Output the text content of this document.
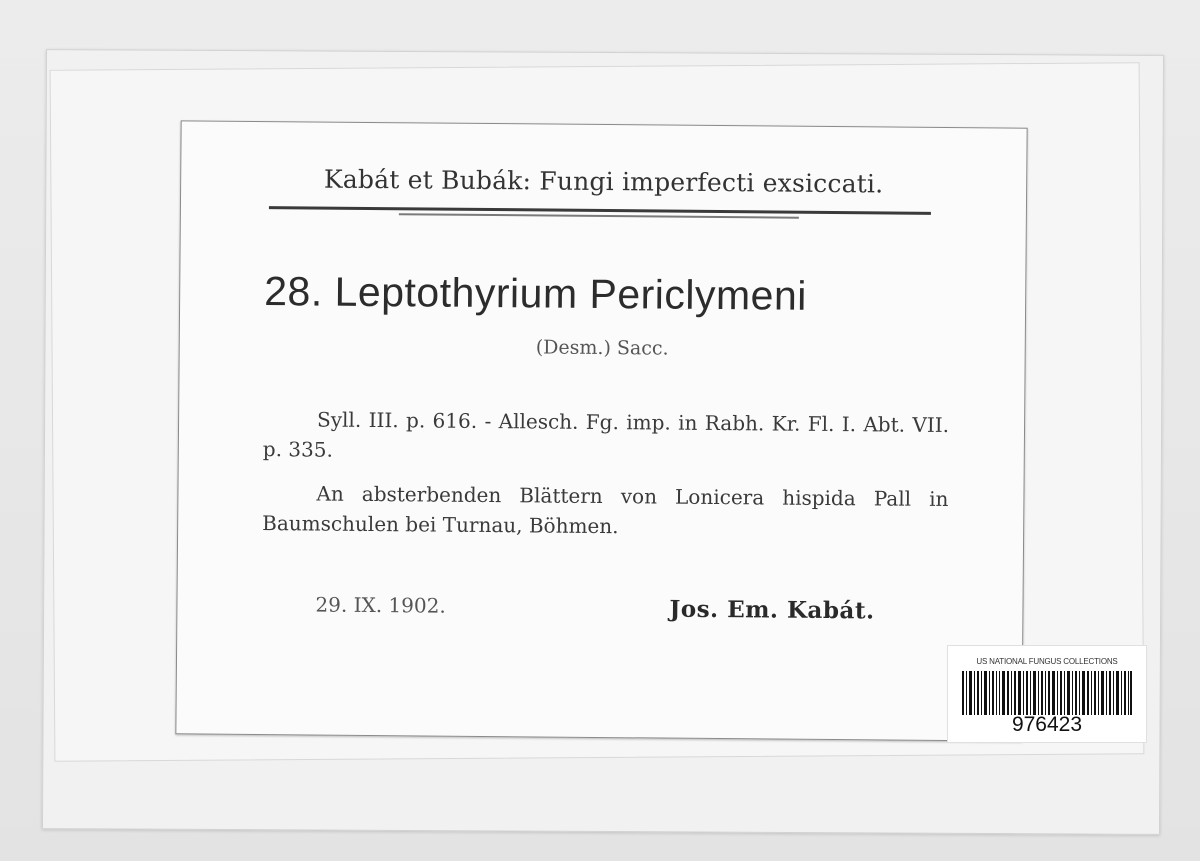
Kabát et Bubák: Fungi imperfecti exsiccati.
28. Leptothyrium Periclymeni
(Desm.) Sacc.
Syll. III. p. 616. - Allesch. Fg. imp. in Rabh. Kr. Fl. I. Abt. VII. p. 335.
An absterbenden Blättern von Lonicera hispida Pall in Baumschulen bei Turnau, Böhmen.
29. IX. 1902.	Jos. Em. Kabát.
US NATIONAL FUNGUS COLLECTIONS
976423
